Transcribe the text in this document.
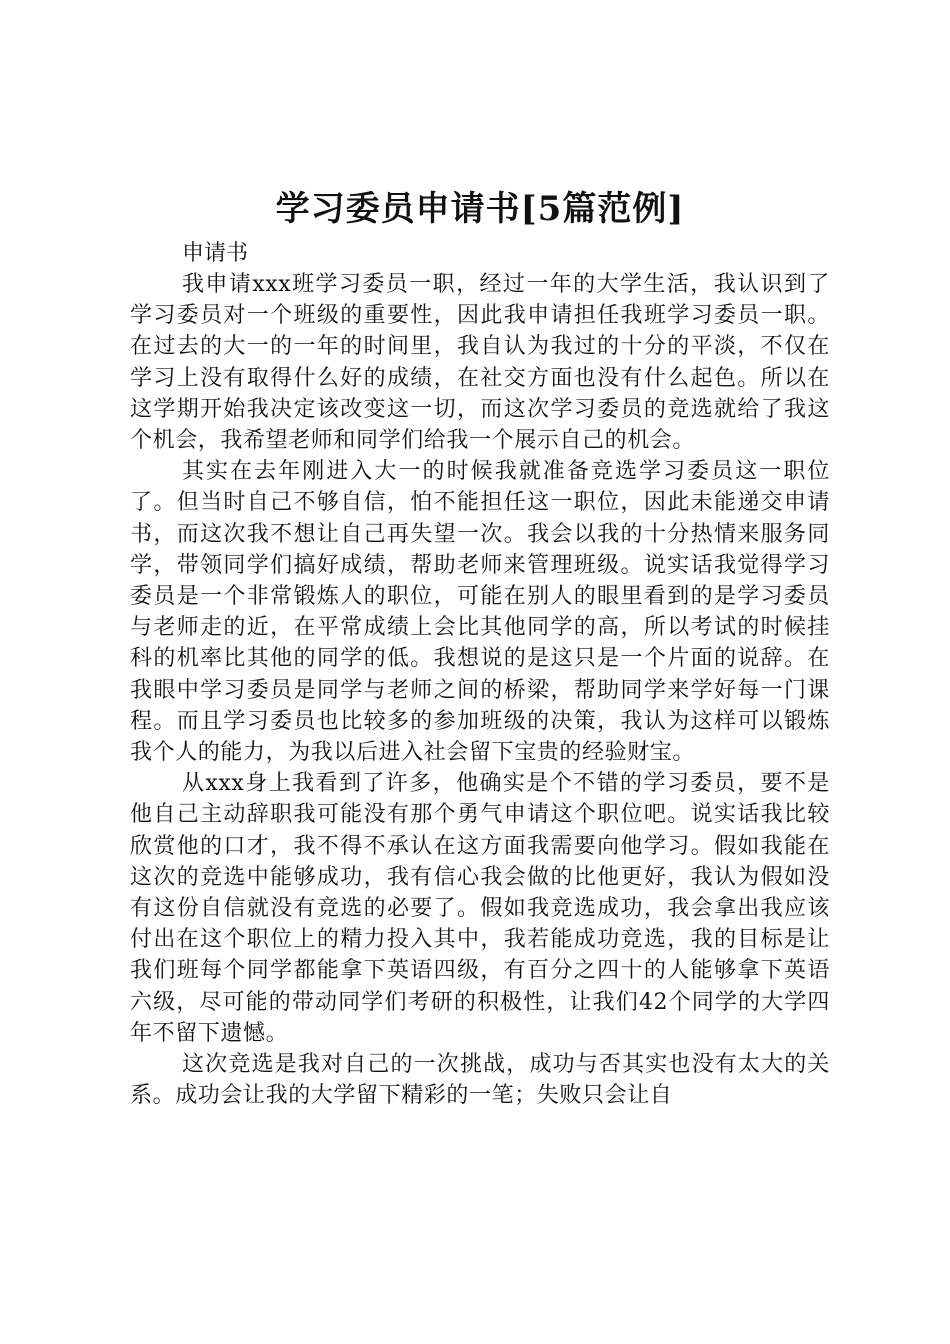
学习委员申请书[5篇范例]

申请书

我申请xxx班学习委员一职，经过一年的大学生活，我认识到了学习委员对一个班级的重要性，因此我申请担任我班学习委员一职。在过去的大一的一年的时间里，我自认为我过的十分的平淡，不仅在学习上没有取得什么好的成绩，在社交方面也没有什么起色。所以在这学期开始我决定该改变这一切，而这次学习委员的竞选就给了我这个机会，我希望老师和同学们给我一个展示自己的机会。

其实在去年刚进入大一的时候我就准备竞选学习委员这一职位了。但当时自己不够自信，怕不能担任这一职位，因此未能递交申请书，而这次我不想让自己再失望一次。我会以我的十分热情来服务同学，带领同学们搞好成绩，帮助老师来管理班级。说实话我觉得学习委员是一个非常锻炼人的职位，可能在别人的眼里看到的是学习委员与老师走的近，在平常成绩上会比其他同学的高，所以考试的时候挂科的机率比其他的同学的低。我想说的是这只是一个片面的说辞。在我眼中学习委员是同学与老师之间的桥梁，帮助同学来学好每一门课程。而且学习委员也比较多的参加班级的决策，我认为这样可以锻炼我个人的能力，为我以后进入社会留下宝贵的经验财宝。

从xxx身上我看到了许多，他确实是个不错的学习委员，要不是他自己主动辞职我可能没有那个勇气申请这个职位吧。说实话我比较欣赏他的口才，我不得不承认在这方面我需要向他学习。假如我能在这次的竞选中能够成功，我有信心我会做的比他更好，我认为假如没有这份自信就没有竞选的必要了。假如我竞选成功，我会拿出我应该付出在这个职位上的精力投入其中，我若能成功竞选，我的目标是让我们班每个同学都能拿下英语四级，有百分之四十的人能够拿下英语六级，尽可能的带动同学们考研的积极性，让我们42个同学的大学四年不留下遗憾。

这次竞选是我对自己的一次挑战，成功与否其实也没有太大的关系。成功会让我的大学留下精彩的一笔；失败只会让自
